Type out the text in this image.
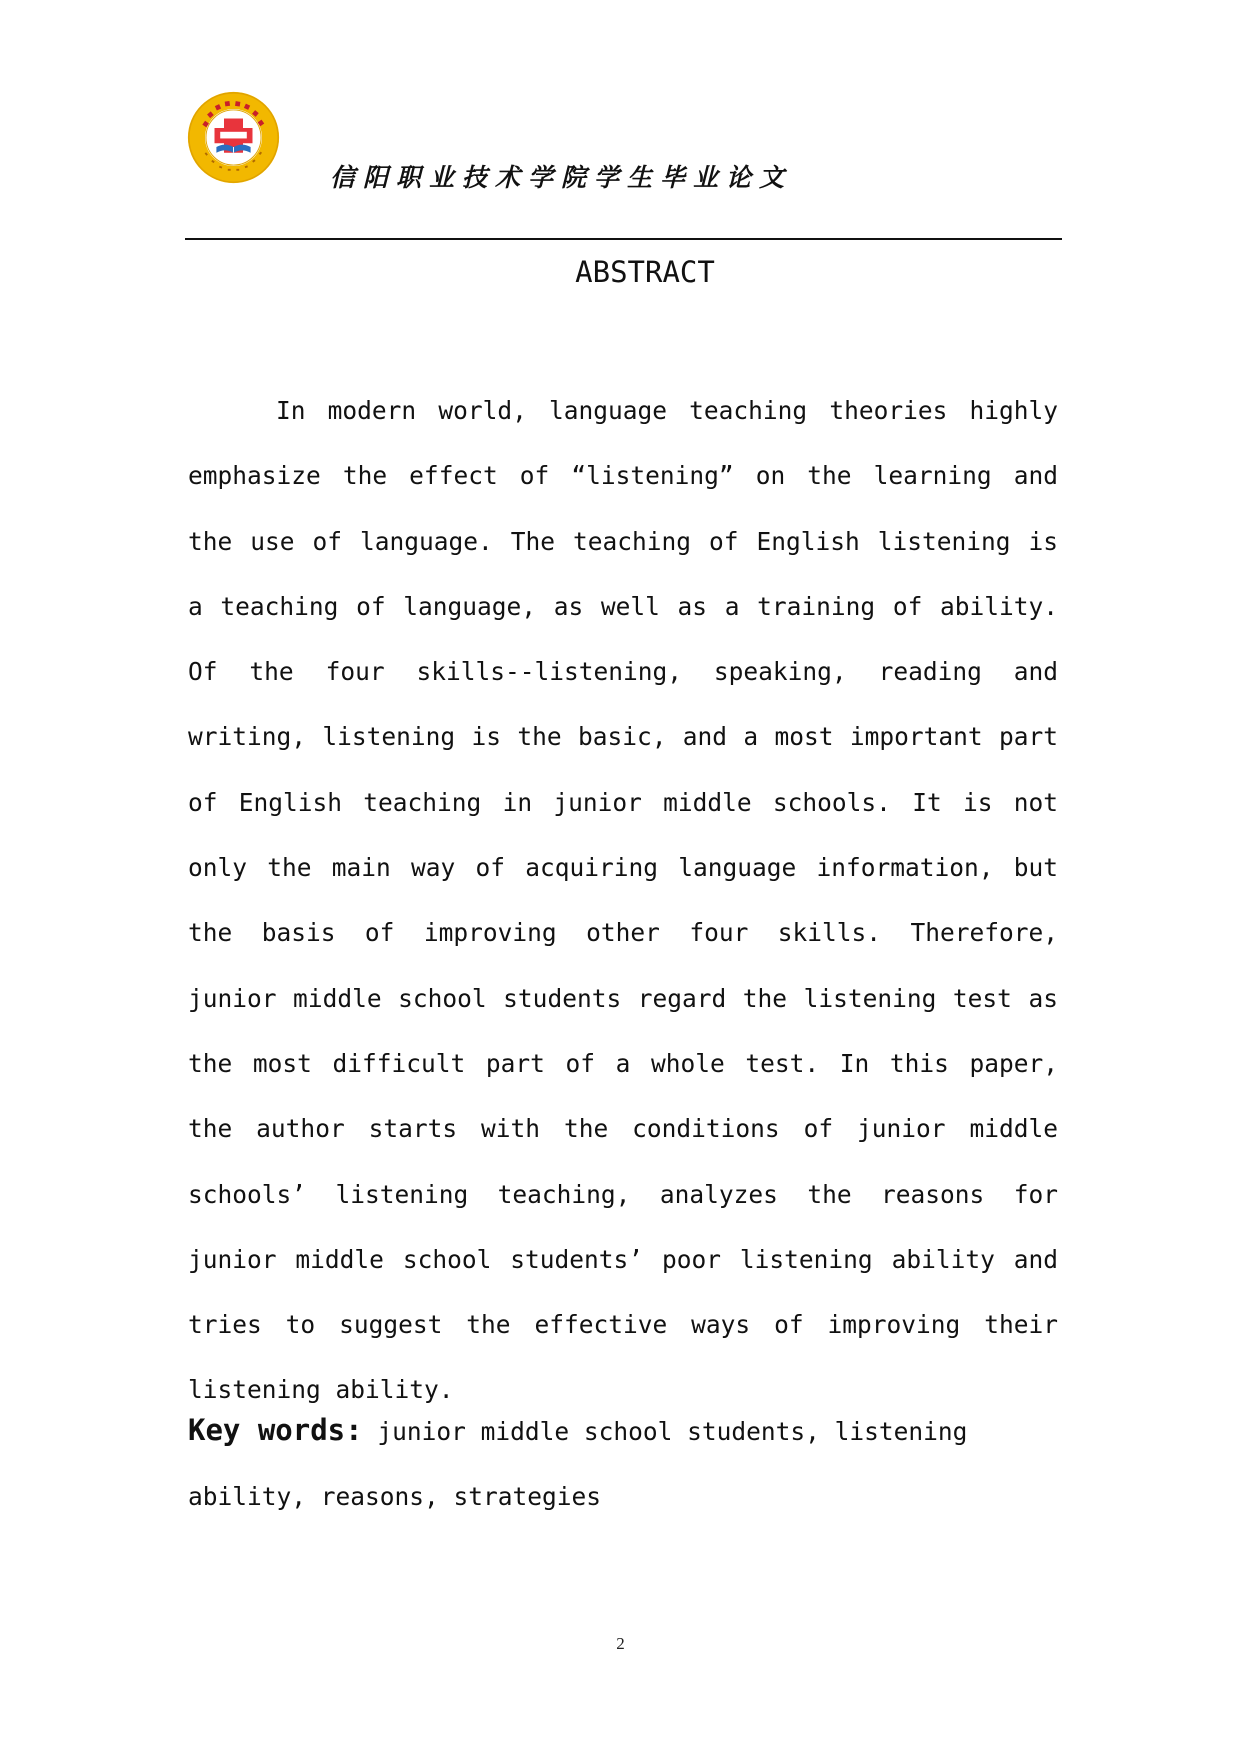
信阳职业技术学院学生毕业论文
ABSTRACT

In modern world, language teaching theories highly emphasize the effect of “listening” on the learning and the use of language. The teaching of English listening is a teaching of language, as well as a training of ability. Of the four skills--listening, speaking, reading and writing, listening is the basic, and a most important part of English teaching in junior middle schools. It is not only the main way of acquiring language information, but the basis of improving other four skills. Therefore, junior middle school students regard the listening test as the most difficult part of a whole test. In this paper, the author starts with the conditions of junior middle schools’ listening teaching, analyzes the reasons for junior middle school students’ poor listening ability and tries to suggest the effective ways of improving their listening ability.

Key words: junior middle school students, listening ability, reasons, strategies

2
